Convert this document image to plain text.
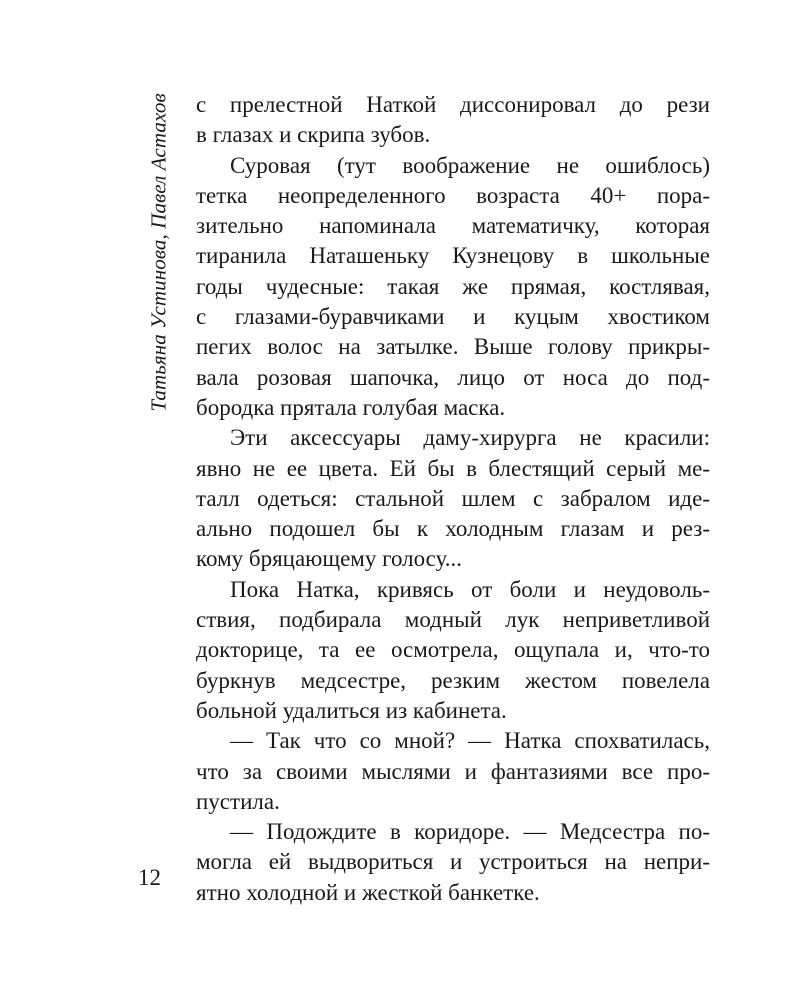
Татьяна Устинова, Павел Астахов с прелестной Наткой диссонировал до рези
в глазах и скрипа зубов.
Суровая (тут воображение не ошиблось)
тетка неопределенного возраста 40+ пора-
зительно напоминала математичку, которая
тиранила Наташеньку Кузнецову в школьные
годы чудесные: такая же прямая, костлявая,
с глазами-буравчиками и куцым хвостиком
пегих волос на затылке. Выше голову прикры-
вала розовая шапочка, лицо от носа до под-
бородка прятала голубая маска.
Эти аксессуары даму-хирурга не красили:
явно не ее цвета. Ей бы в блестящий серый ме-
талл одеться: стальной шлем с забралом иде-
ально подошел бы к холодным глазам и рез-
кому бряцающему голосу...
Пока Натка, кривясь от боли и неудоволь-
ствия, подбирала модный лук неприветливой
докторице, та ее осмотрела, ощупала и, что-то
буркнув медсестре, резким жестом повелела
больной удалиться из кабинета.
— Так что со мной? — Натка спохватилась,
что за своими мыслями и фантазиями все про-
пустила.
— Подождите в коридоре. — Медсестра по-
могла ей выдвориться и устроиться на непри-
ятно холодной и жесткой банкетке.
12
